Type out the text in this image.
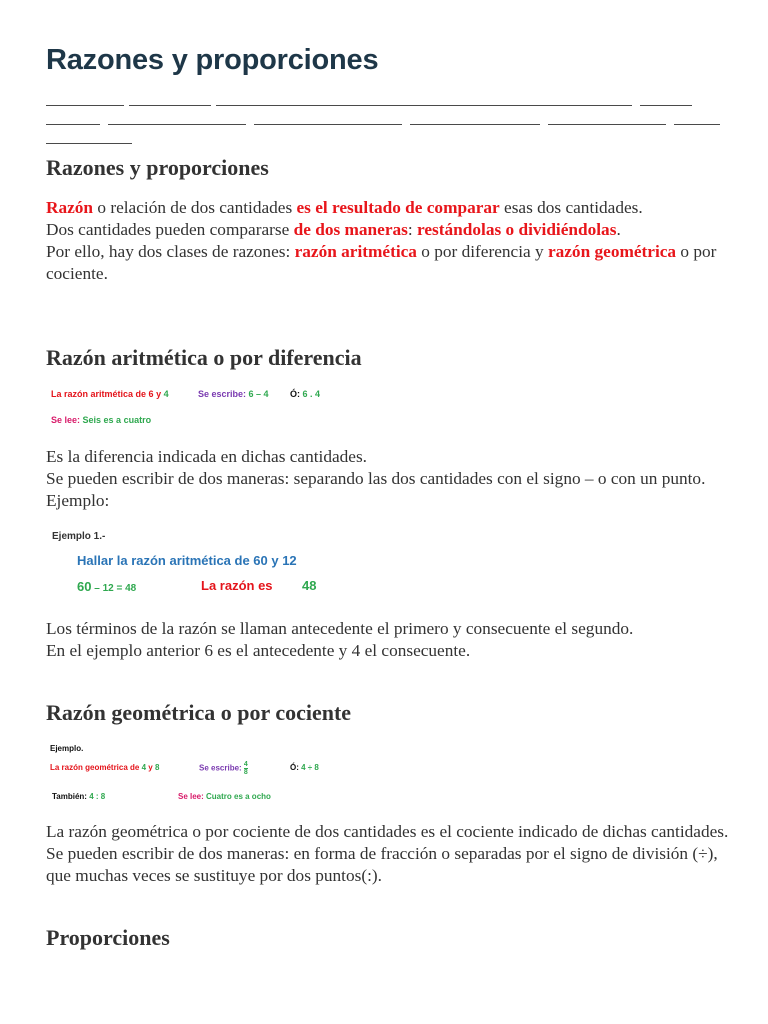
Razones y proporciones
Razones y proporciones

Razón o relación de dos cantidades es el resultado de comparar esas dos cantidades.

Dos cantidades pueden compararse de dos maneras: restándolas o dividiéndolas.

Por ello, hay dos clases de razones: razón aritmética o por diferencia y razón geométrica o por cociente.

Razón aritmética o por diferencia
La razón aritmética de 6 y 4	Se escribe: 6 – 4 Ó: 6 . 4
Se lee: Seis es a cuatro

Es la diferencia indicada en dichas cantidades.

Se pueden escribir de dos maneras: separando las dos cantidades con el signo – o con un punto. Ejemplo:

Ejemplo 1.-
Hallar la razón aritmética de 60 y 12
60 – 12 = 48	La razón es 48

Los términos de la razón se llaman antecedente el primero y consecuente el segundo.

En el ejemplo anterior 6 es el antecedente y 4 el consecuente.

Razón geométrica o por cociente
Ejemplo.
La razón geométrica de 4 y 8	Se escribe: $\frac{4}{8}$	Ó: 4 ÷ 8
También: 4 : 8	Se lee: Cuatro es a ocho

La razón geométrica o por cociente de dos cantidades es el cociente indicado de dichas cantidades. Se pueden escribir de dos maneras: en forma de fracción o separadas por el signo de división (÷), que muchas veces se sustituye por dos puntos(:).

Proporciones
